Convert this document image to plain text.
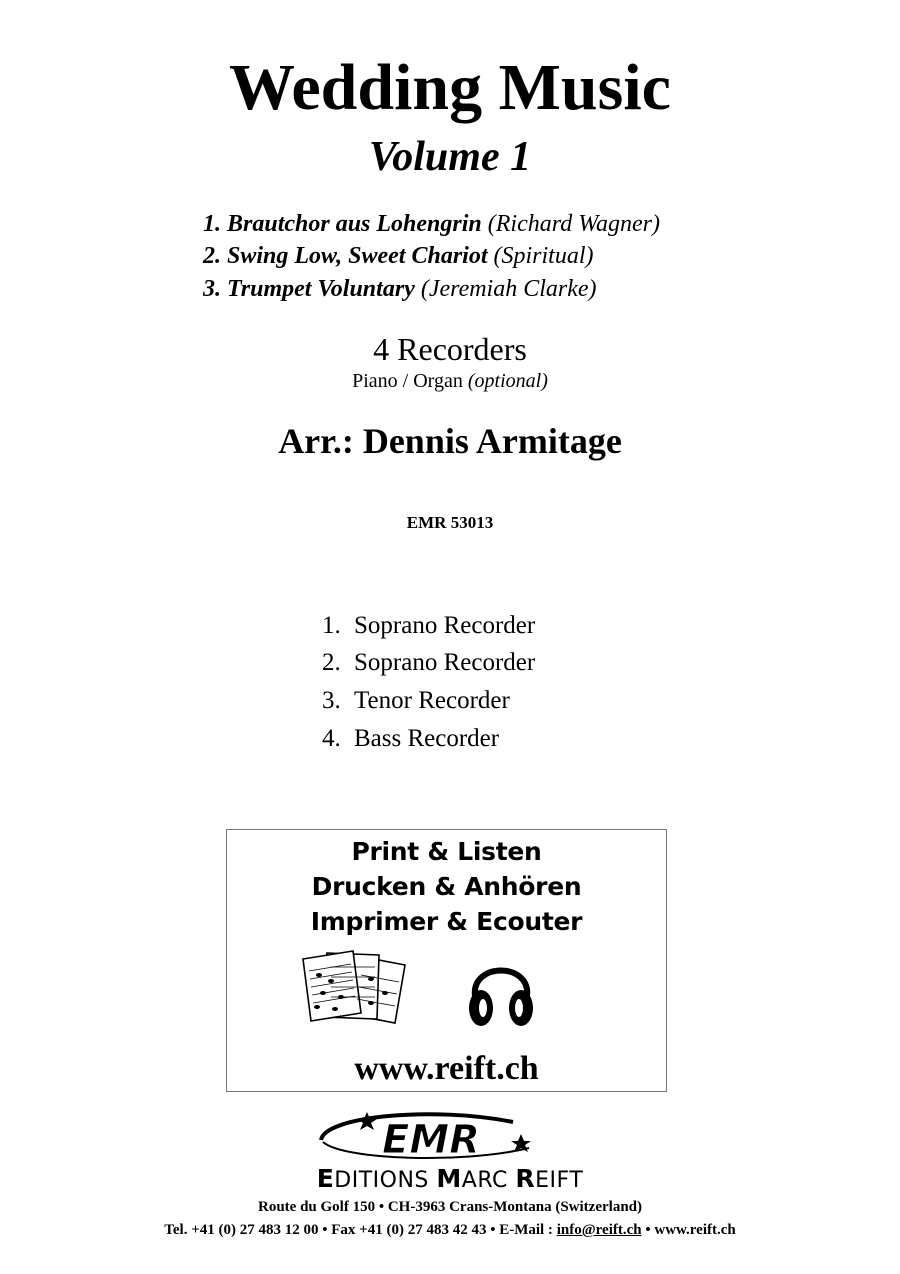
Wedding Music
Volume 1
1. Brautchor aus Lohengrin (Richard Wagner)
2. Swing Low, Sweet Chariot (Spiritual)
3. Trumpet Voluntary (Jeremiah Clarke)
4 Recorders
Piano / Organ (optional)
Arr.: Dennis Armitage
EMR 53013
1. Soprano Recorder
2. Soprano Recorder
3. Tenor Recorder
4. Bass Recorder
Print & Listen
Drucken & Anhören
Imprimer & Ecouter
www.reift.ch
EMR
EDITIONS MARC REIFT
Route du Golf 150 • CH-3963 Crans-Montana (Switzerland)
Tel. +41 (0) 27 483 12 00 • Fax +41 (0) 27 483 42 43 • E-Mail : info@reift.ch • www.reift.ch
